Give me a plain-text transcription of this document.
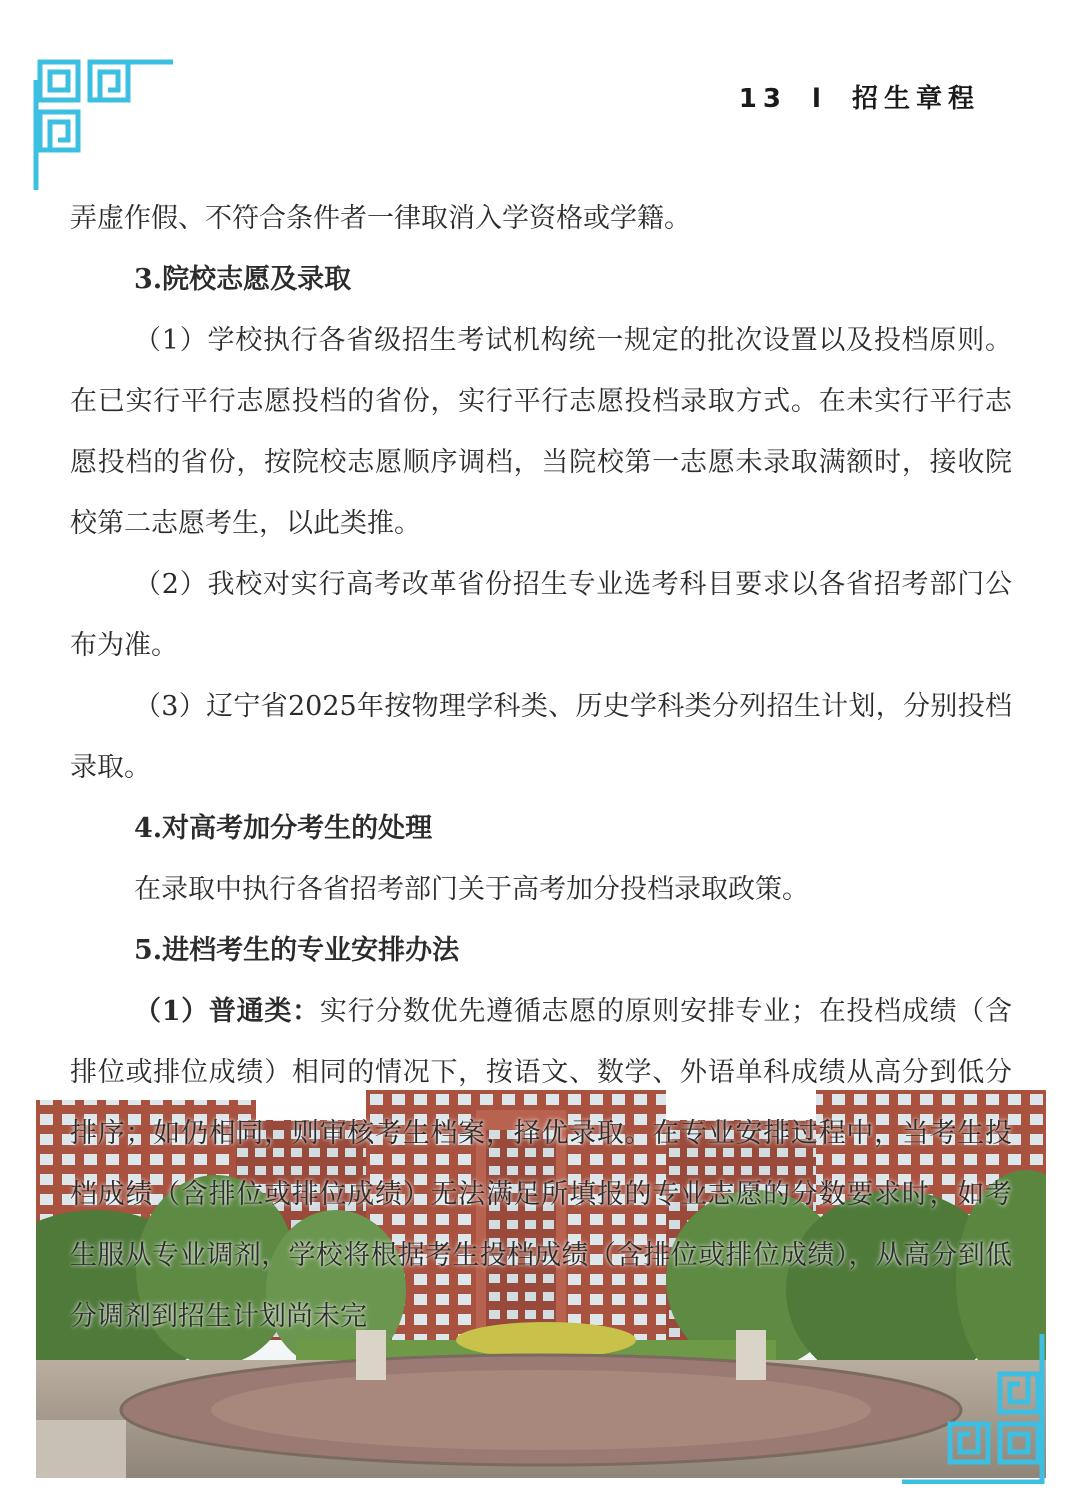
13 l 招生章程

弄虚作假、不符合条件者一律取消入学资格或学籍。

3.院校志愿及录取

（1）学校执行各省级招生考试机构统一规定的批次设置以及投档原则。在已实行平行志愿投档的省份，实行平行志愿投档录取方式。在未实行平行志愿投档的省份，按院校志愿顺序调档，当院校第一志愿未录取满额时，接收院校第二志愿考生，以此类推。

（2）我校对实行高考改革省份招生专业选考科目要求以各省招考部门公布为准。

（3）辽宁省2025年按物理学科类、历史学科类分列招生计划，分别投档录取。

4.对高考加分考生的处理

在录取中执行各省招考部门关于高考加分投档录取政策。

5.进档考生的专业安排办法

（1）普通类：实行分数优先遵循志愿的原则安排专业；在投档成绩（含排位或排位成绩）相同的情况下，按语文、数学、外语单科成绩从高分到低分排序；如仍相同，则审核考生档案，择优录取。在专业安排过程中，当考生投档成绩（含排位或排位成绩）无法满足所填报的专业志愿的分数要求时，如考生服从专业调剂，学校将根据考生投档成绩（含排位或排位成绩），从高分到低分调剂到招生计划尚未完
